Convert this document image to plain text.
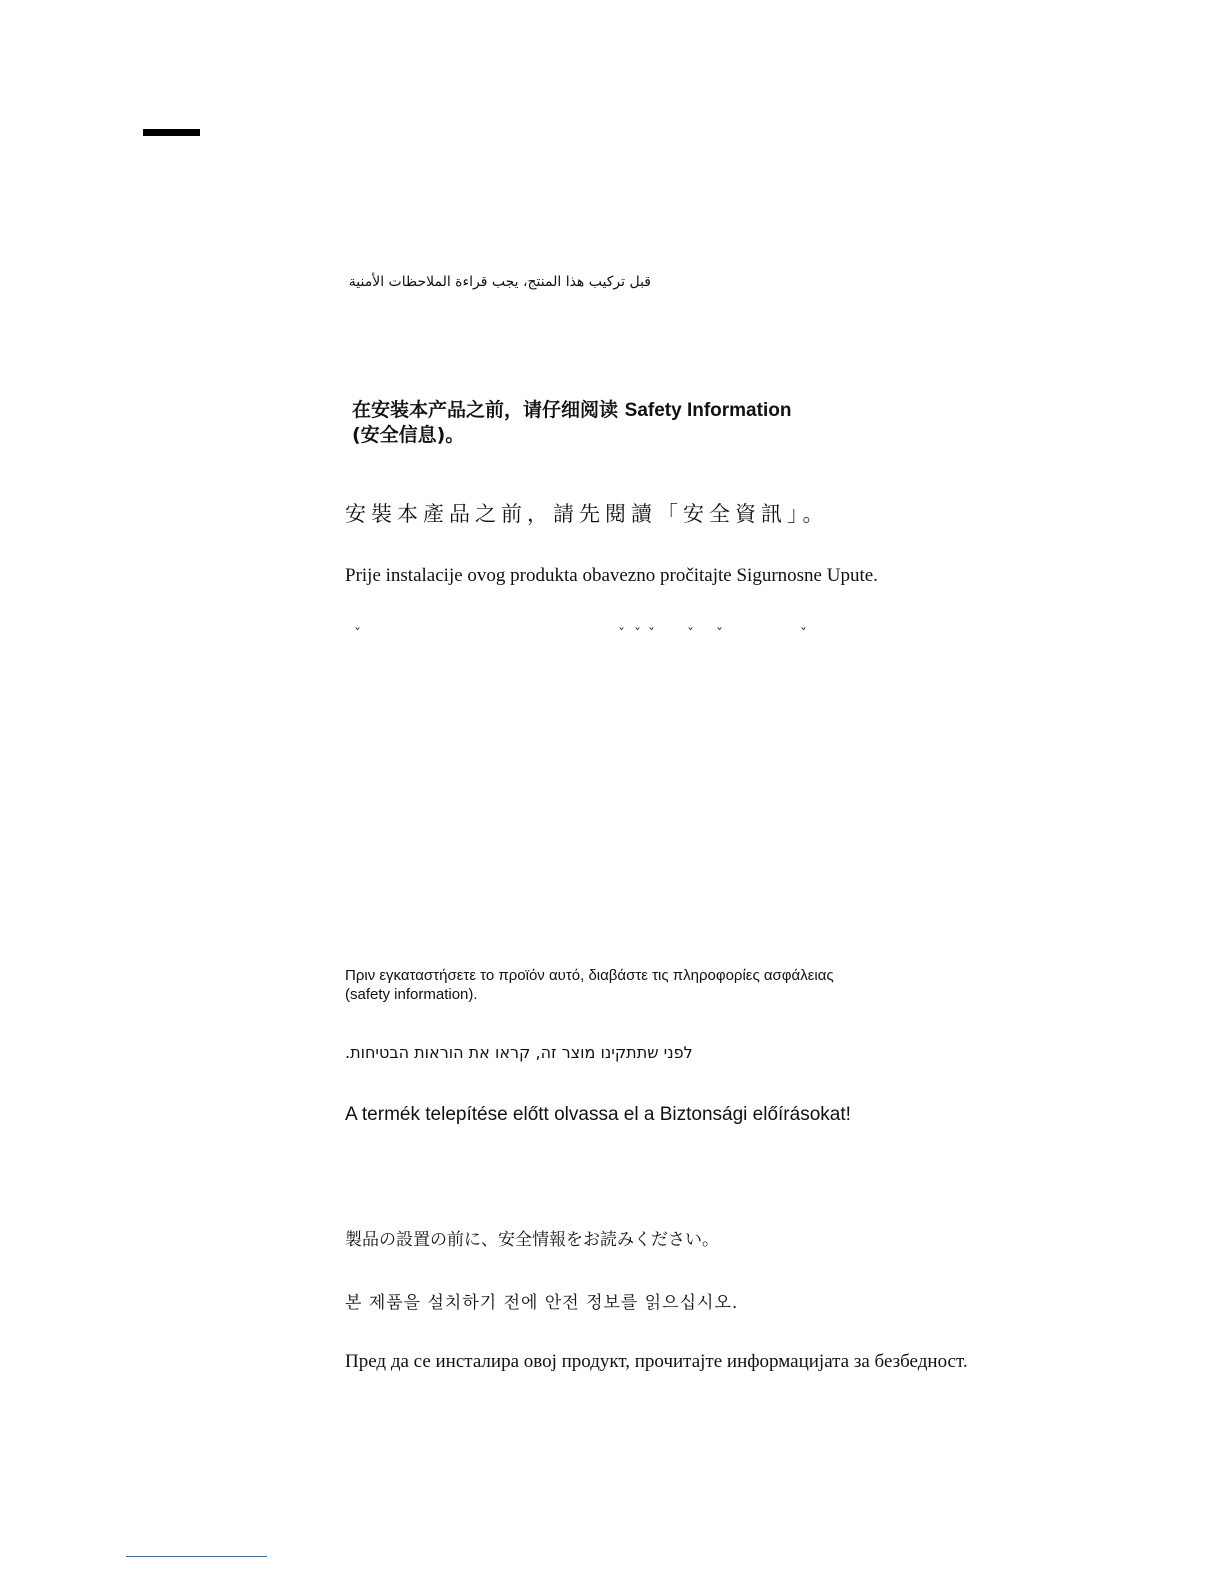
قبل تركيب هذا المنتج، يجب قراءة الملاحظات الأمنية

在安装本产品之前，请仔细阅读 Safety Information
(安全信息)。

安裝本產品之前，請先閱讀「安全資訊」。

Prije instalacije ovog produkta obavezno pročitajte Sigurnosne Upute.

ˇ	ˇ ˇ ˇ ˇ ˇ	ˇ
Πριν εγκαταστήσετε το προϊόν αυτό, διαβάστε τις πληροφορίες ασφάλειας
(safety information).

לפני שתתקינו מוצר זה, קראו את הוראות הבטיחות.

A termék telepítése előtt olvassa el a Biztonsági előírásokat!

製品の設置の前に、安全情報をお読みください。

본 제품을 설치하기 전에 안전 정보를 읽으십시오.

Пред да се инсталира овој продукт, прочитајте информацијата за безбедност.
